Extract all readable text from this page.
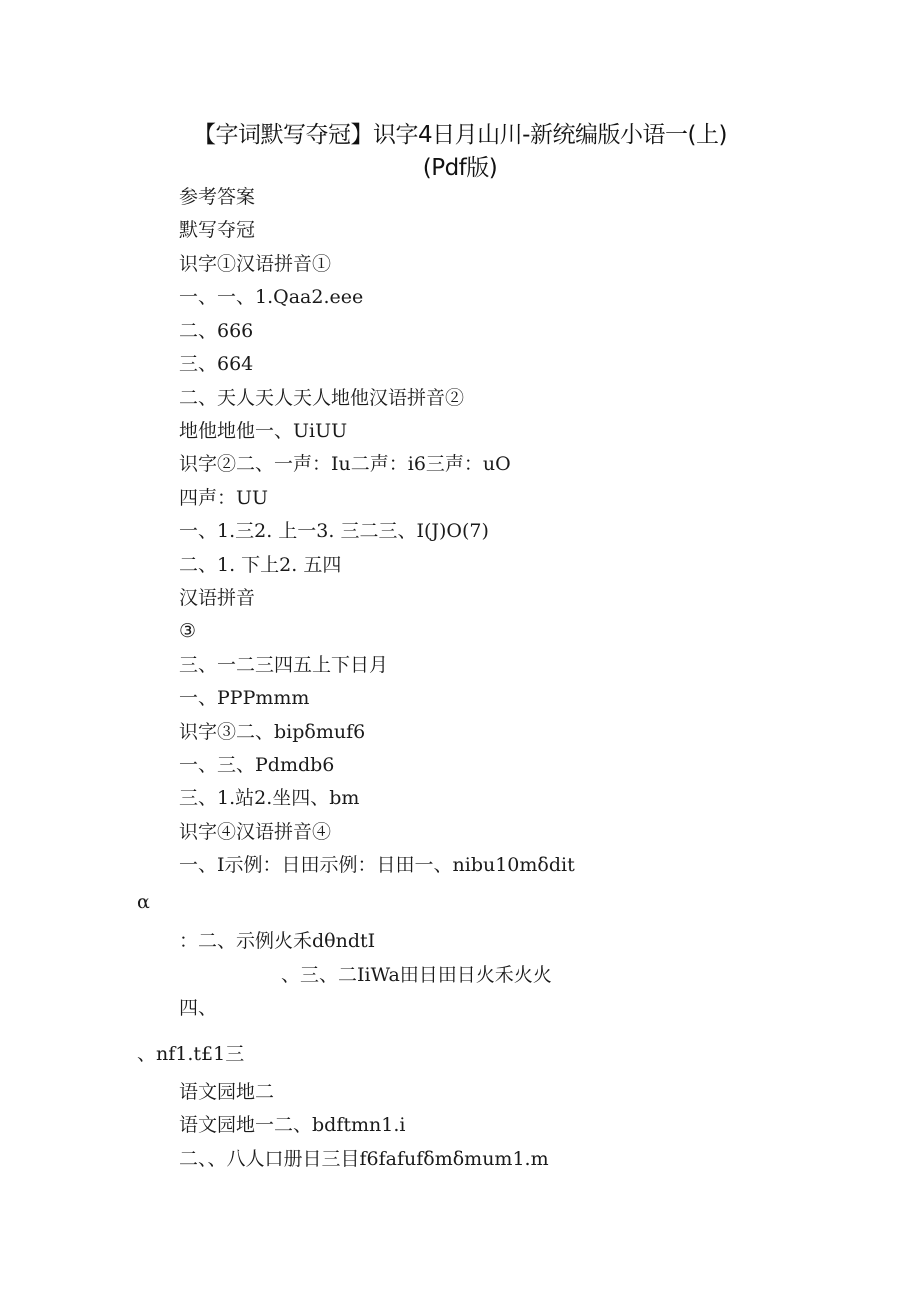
【字词默写夺冠】识字4日月山川-新统编版小语一(上)
(Pdf版)
参考答案
默写夺冠
识字①汉语拼音①
一、一、1.Qaa2.eee
二、666
三、664
二、天人天人天人地他汉语拼音②
地他地他一、UiUU
识字②二、一声：Iu二声：i6三声：uO
四声：UU
一、1.三2. 上一3. 三二三、I(J)O(7)
二、1. 下上2. 五四
汉语拼音
③
三、一二三四五上下日月
一、PPPmmm
识字③二、bipδmuf6
一、三、Pdmdb6
三、1.站2.坐四、bm
识字④汉语拼音④
一、I示例：日田示例：日田一、nibu10mδdit
α
：二、示例火禾dθndtI
、三、二IiWa田日田日火禾火火
四、
、nf1.t£1三
语文园地二
语文园地一二、bdftmn1.i
二、、八人口册日三目f6fafufδmδmum1.m
